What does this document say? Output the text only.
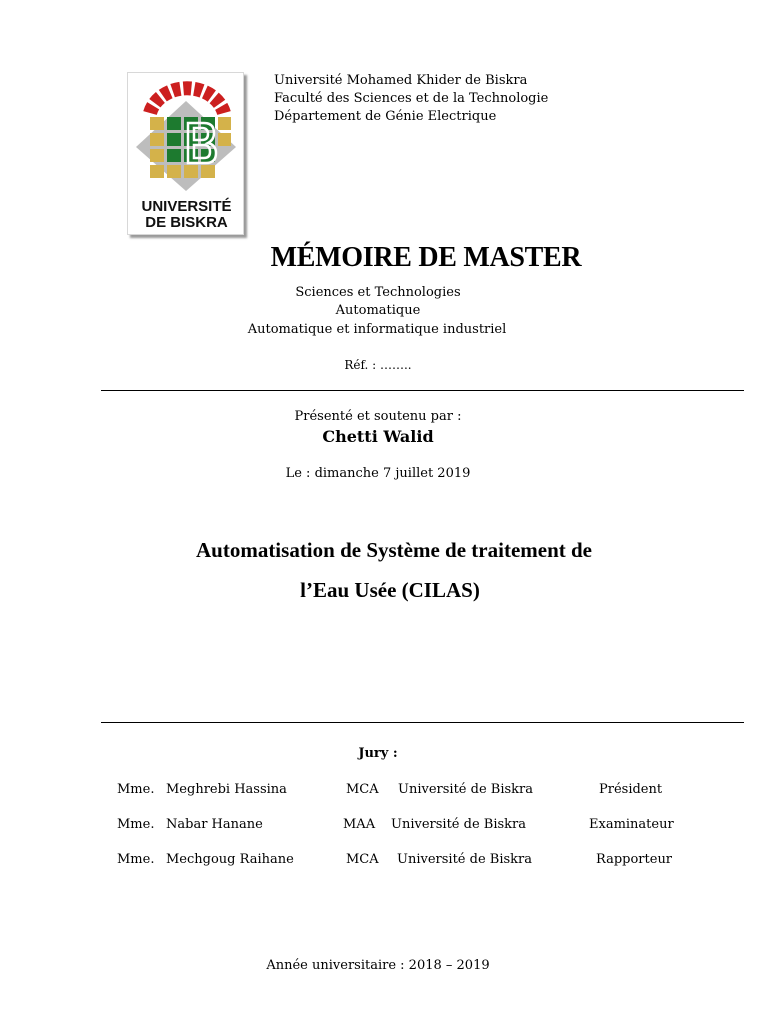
UNIVERSITÉ
DE BISKRA
Université Mohamed Khider de Biskra
Faculté des Sciences et de la Technologie
Département de Génie Electrique
MÉMOIRE DE MASTER
Sciences et Technologies
Automatique
Automatique et informatique industriel
Réf. : ……..
Présenté et soutenu par :
Chetti Walid
Le : dimanche 7 juillet 2019
Automatisation de Système de traitement de
l’Eau Usée (CILAS)
Jury :
Mme. Meghrebi Hassina	MCA Université de Biskra	Président
Mme. Nabar Hanane	MAA Université de Biskra	Examinateur
Mme. Mechgoug Raihane	MCA Université de Biskra	Rapporteur
Année universitaire : 2018 – 2019
